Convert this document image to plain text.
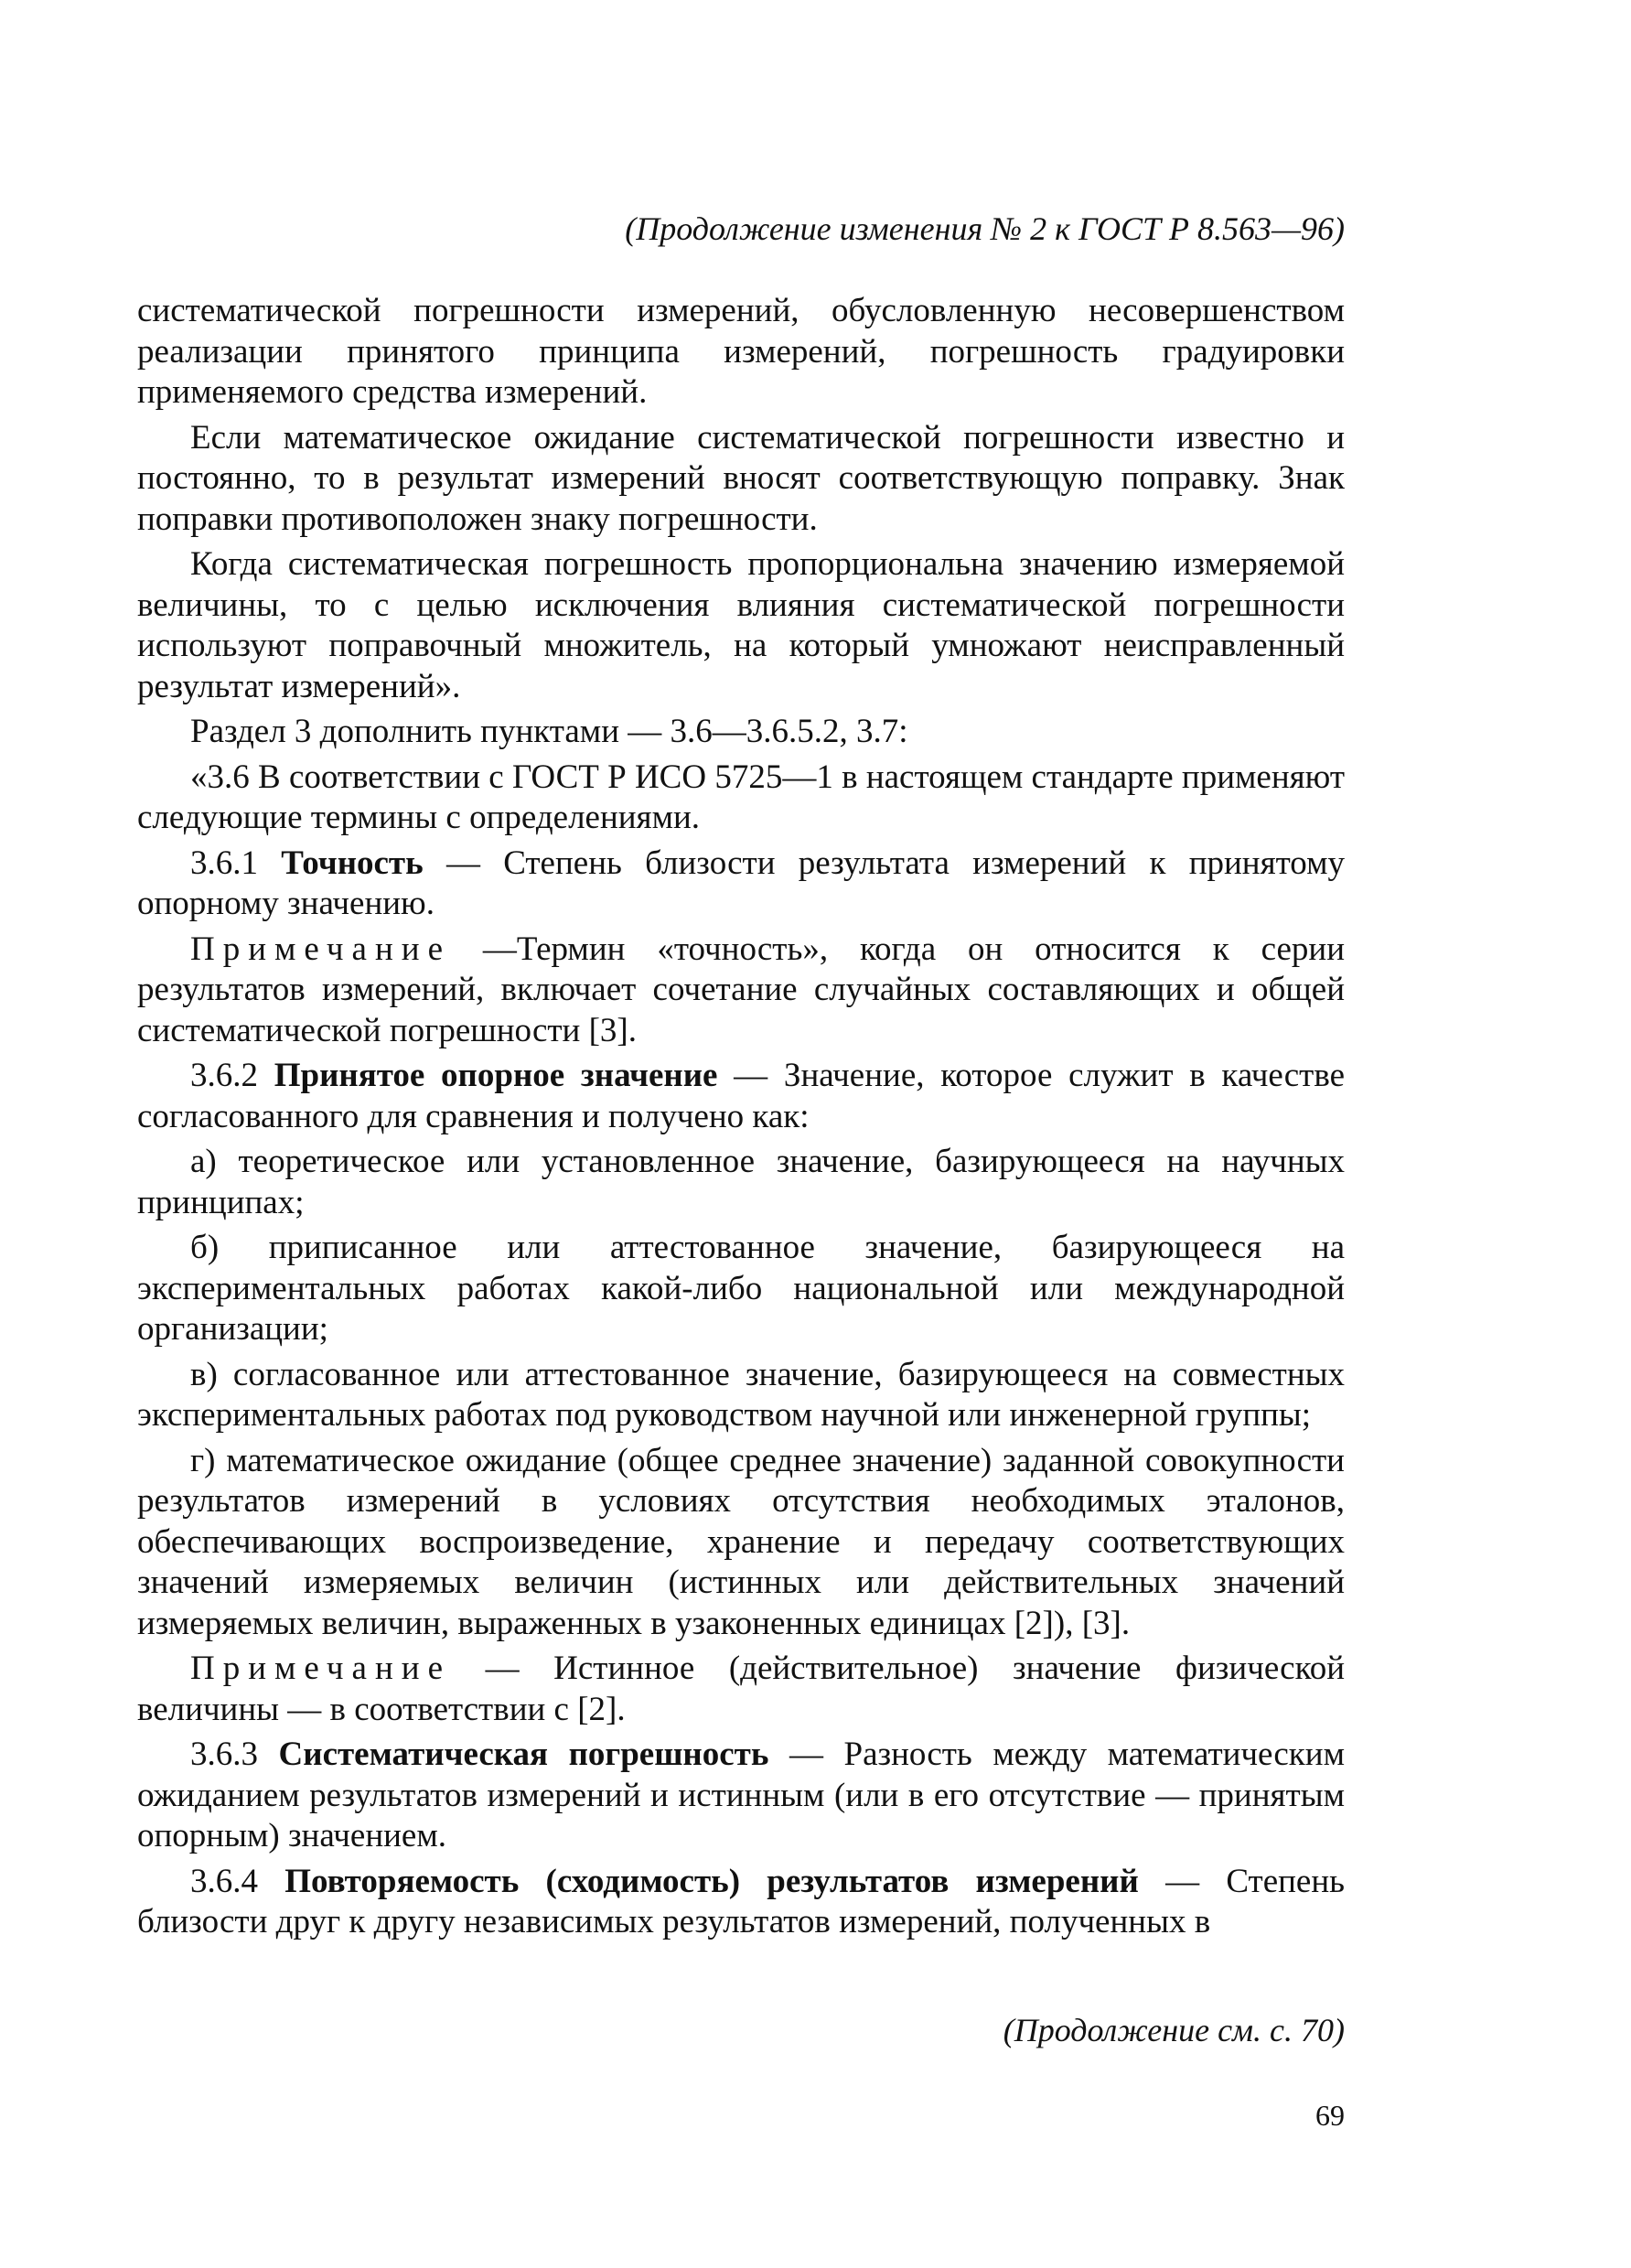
(Продолжение изменения № 2 к ГОСТ Р 8.563—96)

систематической погрешности измерений, обусловленную несовершенством реализации принятого принципа измерений, погрешность градуировки применяемого средства измерений.

Если математическое ожидание систематической погрешности известно и постоянно, то в результат измерений вносят соответствующую поправку. Знак поправки противоположен знаку погрешности.

Когда систематическая погрешность пропорциональна значению измеряемой величины, то с целью исключения влияния систематической погрешности используют поправочный множитель, на который умножают неисправленный результат измерений».

Раздел 3 дополнить пунктами — 3.6—3.6.5.2, 3.7:

«3.6 В соответствии с ГОСТ Р ИСО 5725—1 в настоящем стандарте применяют следующие термины с определениями.

3.6.1 Точность — Степень близости результата измерений к принятому опорному значению.

Примечание —Термин «точность», когда он относится к серии результатов измерений, включает сочетание случайных составляющих и общей систематической погрешности [3].

3.6.2 Принятое опорное значение — Значение, которое служит в качестве согласованного для сравнения и получено как:

а) теоретическое или установленное значение, базирующееся на научных принципах;

б) приписанное или аттестованное значение, базирующееся на экспериментальных работах какой-либо национальной или международной организации;

в) согласованное или аттестованное значение, базирующееся на совместных экспериментальных работах под руководством научной или инженерной группы;

г) математическое ожидание (общее среднее значение) заданной совокупности результатов измерений в условиях отсутствия необходимых эталонов, обеспечивающих воспроизведение, хранение и передачу соответствующих значений измеряемых величин (истинных или действительных значений измеряемых величин, выраженных в узаконенных единицах [2]), [3].

Примечание — Истинное (действительное) значение физической величины — в соответствии с [2].

3.6.3 Систематическая погрешность — Разность между математическим ожиданием результатов измерений и истинным (или в его отсутствие — принятым опорным) значением.

3.6.4 Повторяемость (сходимость) результатов измерений — Степень близости друг к другу независимых результатов измерений, полученных в

(Продолжение см. с. 70)
69
